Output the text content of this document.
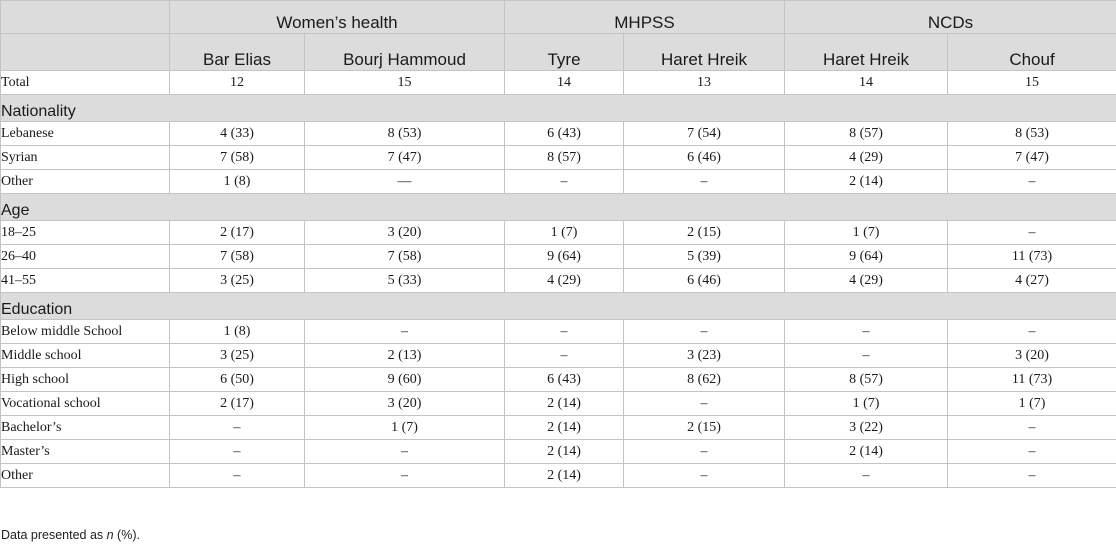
	Women’s health		MHPSS		NCDs	
	Bar Elias	Bourj Hammoud	Tyre	Haret Hreik	Haret Hreik	Chouf
Total	12	15	14	13	14	15
Nationality						
Lebanese	4 (33)	8 (53)	6 (43)	7 (54)	8 (57)	8 (53)
Syrian	7 (58)	7 (47)	8 (57)	6 (46)	4 (29)	7 (47)
Other	1 (8)	—	–	–	2 (14)	–
Age						
18–25	2 (17)	3 (20)	1 (7)	2 (15)	1 (7)	–
26–40	7 (58)	7 (58)	9 (64)	5 (39)	9 (64)	11 (73)
41–55	3 (25)	5 (33)	4 (29)	6 (46)	4 (29)	4 (27)
Education						
Below middle School	1 (8)	–	–	–	–	–
Middle school	3 (25)	2 (13)	–	3 (23)	–	3 (20)
High school	6 (50)	9 (60)	6 (43)	8 (62)	8 (57)	11 (73)
Vocational school	2 (17)	3 (20)	2 (14)	–	1 (7)	1 (7)
Bachelor’s	–	1 (7)	2 (14)	2 (15)	3 (22)	–
Master’s	–	–	2 (14)	–	2 (14)	–
Other	–	–	2 (14)	–	–	–
Data presented as n (%).
